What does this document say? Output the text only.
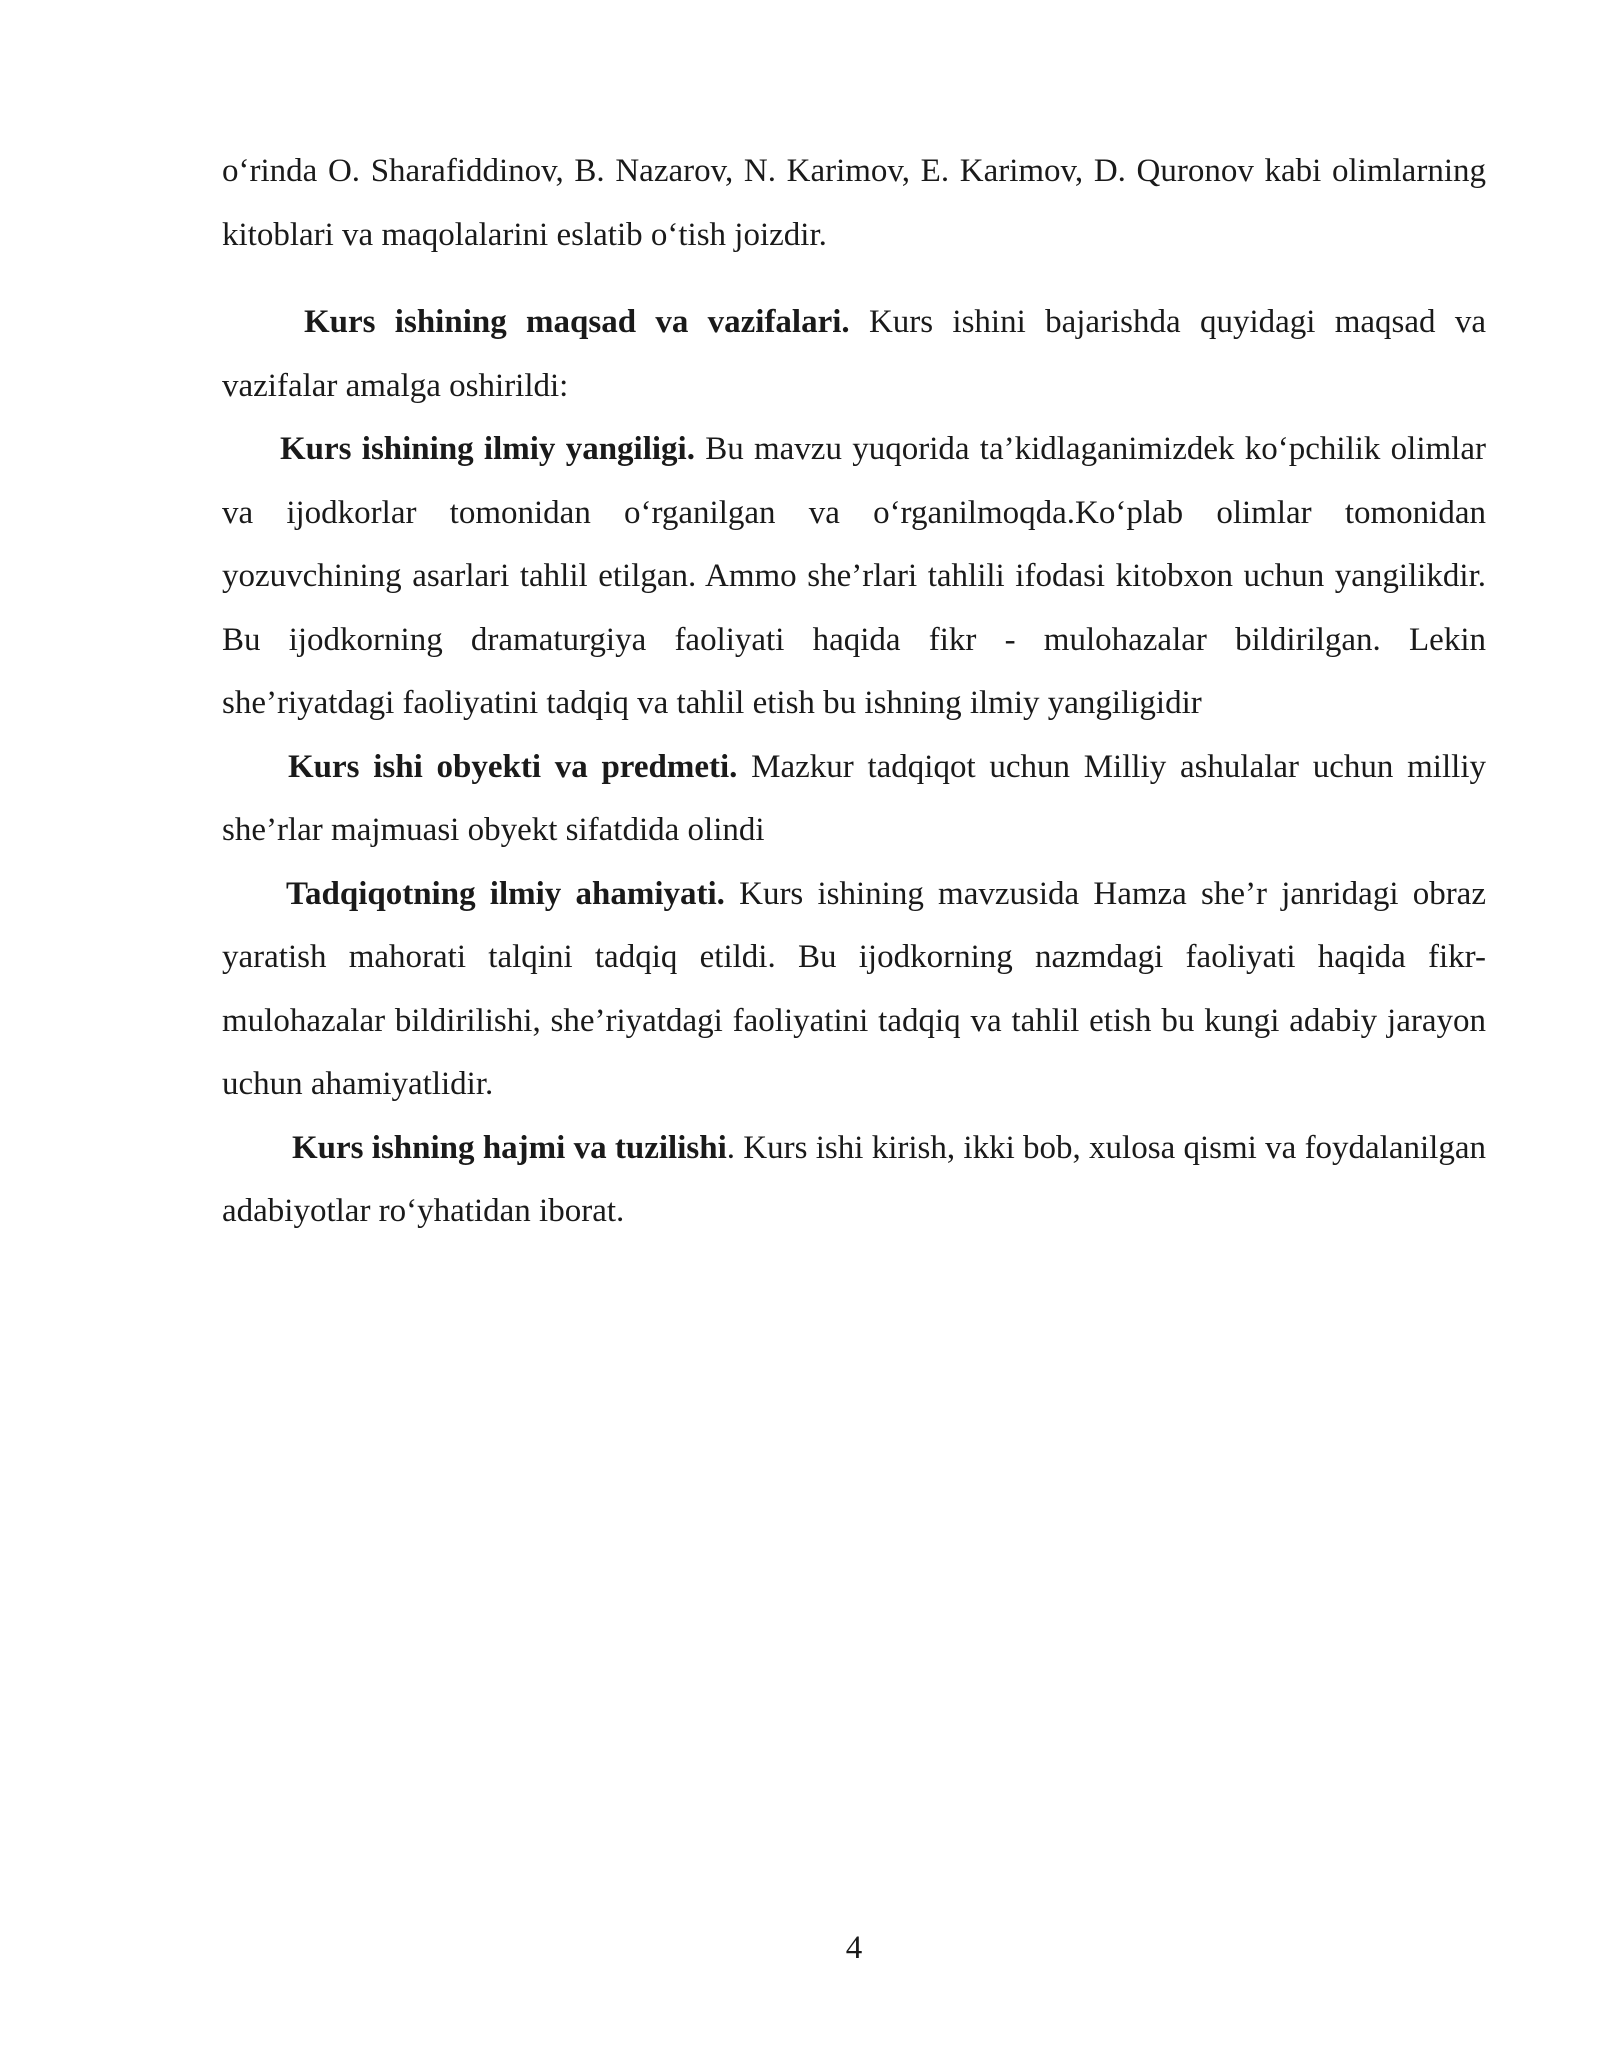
o‘rinda O. Sharafiddinov, B. Nazarov, N. Karimov, E. Karimov, D. Quronov kabi olimlarning kitoblari va maqolalarini eslatib o‘tish joizdir.

Kurs ishining maqsad va vazifalari. Kurs ishini bajarishda quyidagi maqsad va vazifalar amalga oshirildi:

Kurs ishining ilmiy yangiligi. Bu mavzu yuqorida ta’kidlaganimizdek ko‘pchilik olimlar va ijodkorlar tomonidan o‘rganilgan va o‘rganilmoqda.Ko‘plab olimlar tomonidan yozuvchining asarlari tahlil etilgan. Ammo she’rlari tahlili ifodasi kitobxon uchun yangilikdir. Bu ijodkorning dramaturgiya faoliyati haqida fikr - mulohazalar bildirilgan. Lekin she’riyatdagi faoliyatini tadqiq va tahlil etish bu ishning ilmiy yangiligidir

Kurs ishi obyekti va predmeti. Mazkur tadqiqot uchun Milliy ashulalar uchun milliy she’rlar majmuasi obyekt sifatdida olindi

Tadqiqotning ilmiy ahamiyati. Kurs ishining mavzusida Hamza she’r janridagi obraz yaratish mahorati talqini tadqiq etildi. Bu ijodkorning nazmdagi faoliyati haqida fikr-mulohazalar bildirilishi, she’riyatdagi faoliyatini tadqiq va tahlil etish bu kungi adabiy jarayon uchun ahamiyatlidir.

Kurs ishning hajmi va tuzilishi. Kurs ishi kirish, ikki bob, xulosa qismi va foydalanilgan adabiyotlar ro‘yhatidan iborat.

4
